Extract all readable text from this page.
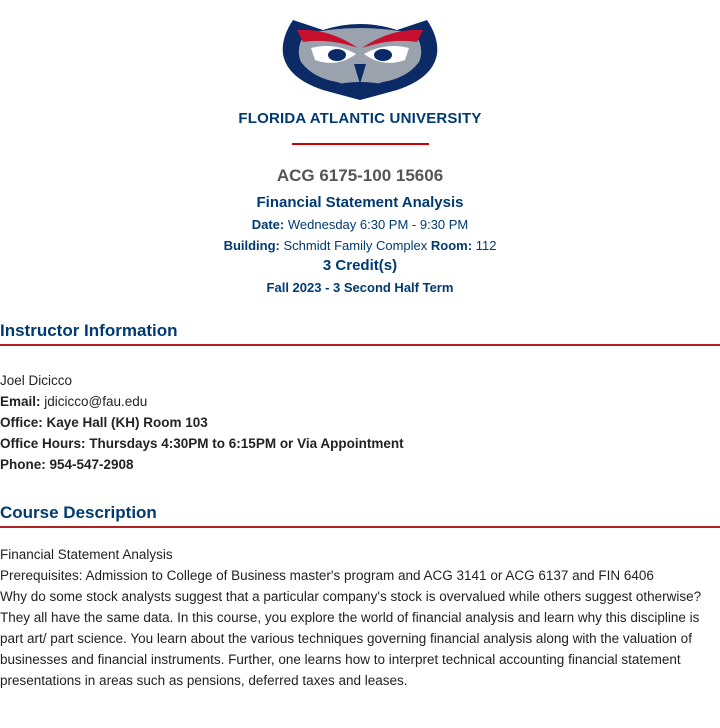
FLORIDA ATLANTIC UNIVERSITY
ACG 6175-100 15606
Financial Statement Analysis
Date: Wednesday 6:30 PM - 9:30 PM
Building: Schmidt Family Complex Room: 112
3 Credit(s)
Fall 2023 - 3 Second Half Term
Instructor Information
Joel Dicicco
Email: jdicicco@fau.edu
Office: Kaye Hall (KH) Room 103
Office Hours: Thursdays 4:30PM to 6:15PM or Via Appointment
Phone: 954-547-2908
Course Description
Financial Statement Analysis
Prerequisites: Admission to College of Business master's program and ACG 3141 or ACG 6137 and FIN 6406
Why do some stock analysts suggest that a particular company's stock is overvalued while others suggest otherwise? They all have the same data. In this course, you explore the world of financial analysis and learn why this discipline is part art/ part science. You learn about the various techniques governing financial analysis along with the valuation of businesses and financial instruments. Further, one learns how to interpret technical accounting financial statement presentations in areas such as pensions, deferred taxes and leases.
